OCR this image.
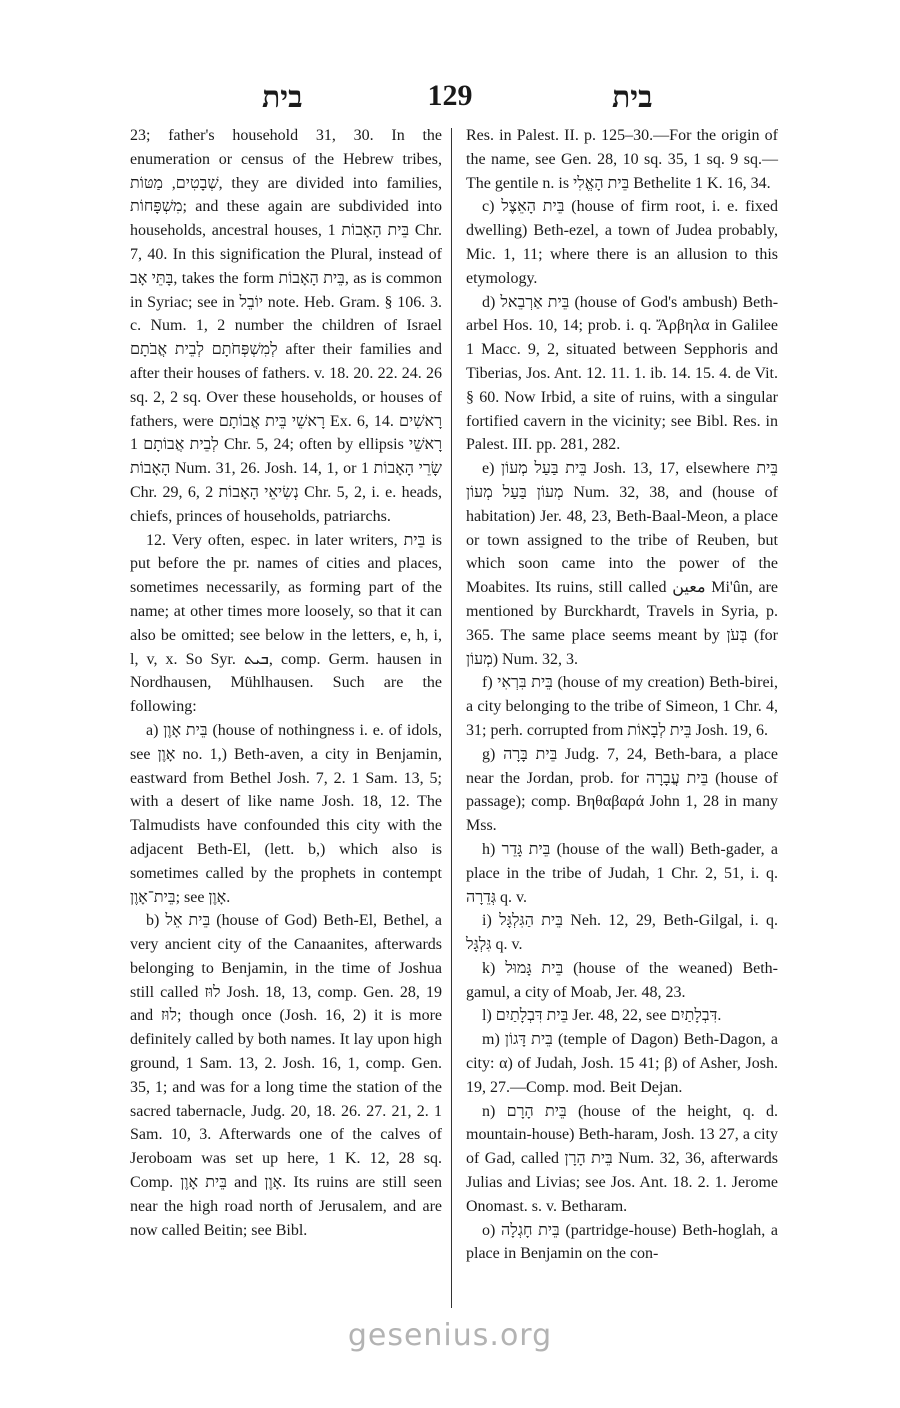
בית	129	בית

23; father's household 31, 30. In the enumeration or census of the Hebrew tribes, שְׁבָטִים, מַטּוֹת, they are divided into families, מִשְׁפָּחוֹת; and these again are subdivided into households, ancestral houses, בֵּית הָאָבוֹת 1 Chr. 7, 40. In this signification the Plural, instead of בָּתֵּי אָב, takes the form בֵּית הָאָבוֹת, as is common in Syriac; see in יוֹבֵל note. Heb. Gram. § 106. 3. c. Num. 1, 2 number the children of Israel לְמִשְׁפְּחֹתָם לְבֵית אֲבֹתָם after their families and after their houses of fathers. v. 18. 20. 22. 24. 26 sq. 2, 2 sq. Over these households, or houses of fathers, were רָאשֵׁי בֵּית אֲבוֹתָם Ex. 6, 14. רָאשִׁים לְבֵית אֲבוֹתָם 1 Chr. 5, 24; often by ellipsis רָאשֵׁי הָאָבוֹת Num. 31, 26. Josh. 14, 1, or שָׂרֵי הָאָבוֹת 1 Chr. 29, 6, נְשִׂיאֵי הָאָבוֹת 2 Chr. 5, 2, i. e. heads, chiefs, princes of households, patriarchs.

12. Very often, espec. in later writers, בֵּית is put before the pr. names of cities and places, sometimes necessarily, as forming part of the name; at other times more loosely, so that it can also be omitted; see below in the letters, e, h, i, l, v, x. So Syr. ܒܝܬ, comp. Germ. hausen in Nordhausen, Mühlhausen. Such are the following:

a) בֵּית אָוֶן (house of nothingness i. e. of idols, see אָוֶן no. 1,) Beth-aven, a city in Benjamin, eastward from Bethel Josh. 7, 2. 1 Sam. 13, 5; with a desert of like name Josh. 18, 12. The Talmudists have confounded this city with the adjacent Beth-El, (lett. b,) which also is sometimes called by the prophets in contempt בֵּית־אָוֶן; see אָוֶן.

b) בֵּית אֵל (house of God) Beth-El, Bethel, a very ancient city of the Canaanites, afterwards belonging to Benjamin, in the time of Joshua still called לוּז Josh. 18, 13, comp. Gen. 28, 19 and לוּז; though once (Josh. 16, 2) it is more definitely called by both names. It lay upon high ground, 1 Sam. 13, 2. Josh. 16, 1, comp. Gen. 35, 1; and was for a long time the station of the sacred tabernacle, Judg. 20, 18. 26. 27. 21, 2. 1 Sam. 10, 3. Afterwards one of the calves of Jeroboam was set up here, 1 K. 12, 28 sq. Comp. בֵּית אָוֶן and אָוֶן. Its ruins are still seen near the high road north of Jerusalem, and are now called Beitin; see Bibl.

Res. in Palest. II. p. 125–30.—For the origin of the name, see Gen. 28, 10 sq. 35, 1 sq. 9 sq.—The gentile n. is בֵּית הָאֱלִי Bethelite 1 K. 16, 34.

c) בֵּית הָאֵצֶל (house of firm root, i. e. fixed dwelling) Beth-ezel, a town of Judea probably, Mic. 1, 11; where there is an allusion to this etymology.

d) בֵּית אַרְבֵאל (house of God's ambush) Beth-arbel Hos. 10, 14; prob. i. q. Ἄρβηλα in Galilee 1 Macc. 9, 2, situated between Sepphoris and Tiberias, Jos. Ant. 12. 11. 1. ib. 14. 15. 4. de Vit. § 60. Now Irbid, a site of ruins, with a singular fortified cavern in the vicinity; see Bibl. Res. in Palest. III. pp. 281, 282.

e) בֵּית בַּעַל מְעוֹן Josh. 13, 17, elsewhere בֵּית מְעוֹן בַּעַל מְעוֹן Num. 32, 38, and (house of habitation) Jer. 48, 23, Beth-Baal-Meon, a place or town assigned to the tribe of Reuben, but which soon came into the power of the Moabites. Its ruins, still called معين Mi'ûn, are mentioned by Burckhardt, Travels in Syria, p. 365. The same place seems meant by בְּעֹן (for מְעוֹן) Num. 32, 3.

f) בֵּית בִּרְאִי (house of my creation) Beth-birei, a city belonging to the tribe of Simeon, 1 Chr. 4, 31; perh. corrupted from בֵּית לְבָאוֹת Josh. 19, 6.

g) בֵּית בָּרָה Judg. 7, 24, Beth-bara, a place near the Jordan, prob. for בֵּית עֲבָרָה (house of passage); comp. Βηθαβαρά John 1, 28 in many Mss.

h) בֵּית גָּדֵר (house of the wall) Beth-gader, a place in the tribe of Judah, 1 Chr. 2, 51, i. q. גְּדֵרָה q. v.

i) בֵּית הַגִּלְגָּל Neh. 12, 29, Beth-Gilgal, i. q. גִּלְגָּל q. v.

k) בֵּית גָּמוּל (house of the weaned) Beth-gamul, a city of Moab, Jer. 48, 23.

l) בֵּית דִּבְלָתַיִם Jer. 48, 22, see דִּבְלָתַיִם.

m) בֵּית דָּגוֹן (temple of Dagon) Beth-Dagon, a city: α) of Judah, Josh. 15 41; β) of Asher, Josh. 19, 27.—Comp. mod. Beit Dejan.

n) בֵּית הָרָם (house of the height, q. d. mountain-house) Beth-haram, Josh. 13 27, a city of Gad, called בֵּית הָרָן Num. 32, 36, afterwards Julias and Livias; see Jos. Ant. 18. 2. 1. Jerome Onomast. s. v. Betharam.

o) בֵּית חָגְלָה (partridge-house) Beth-hoglah, a place in Benjamin on the con-

gesenius.org
